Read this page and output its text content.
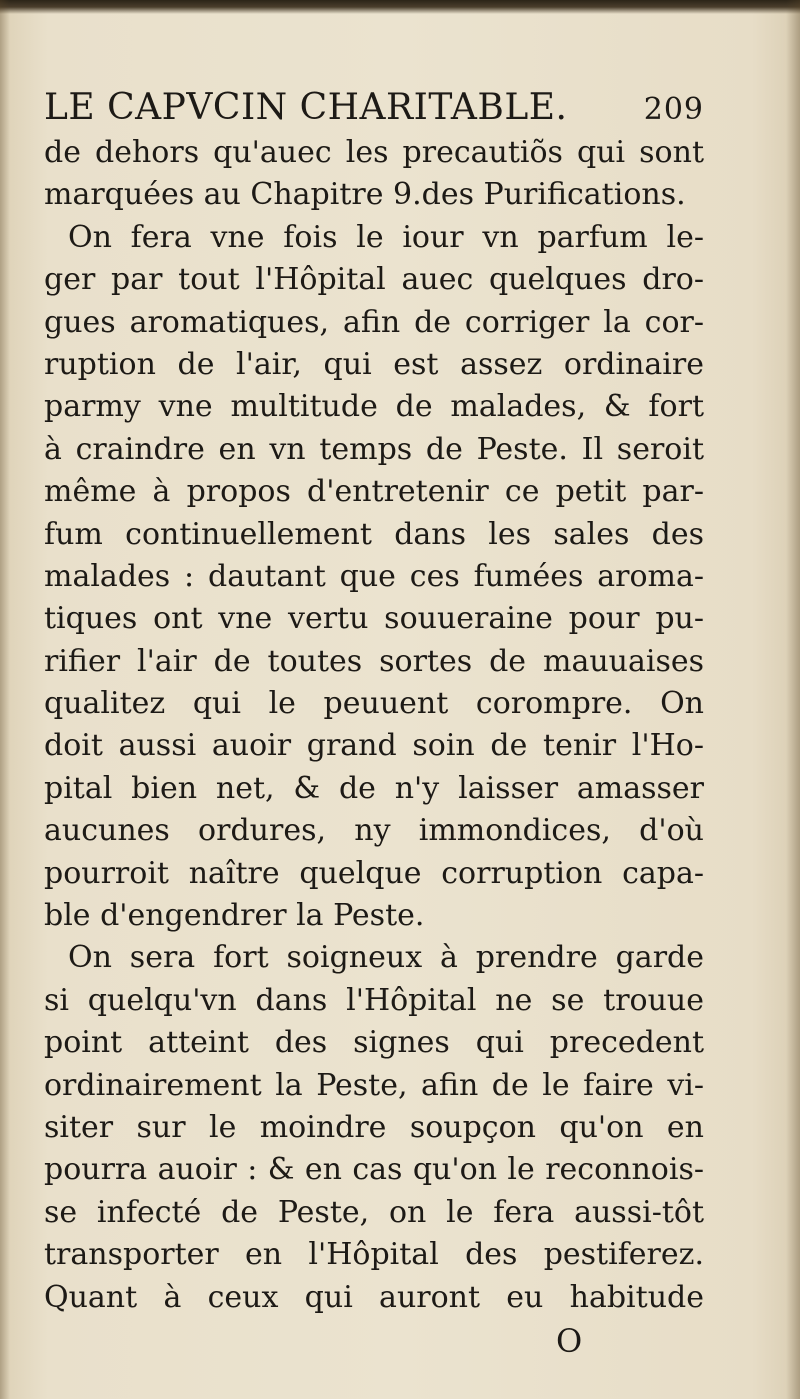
LE CAPVCIN CHARITABLE.	209
de dehors qu'auec les precautiõs qui sont
marquées au Chapitre 9.des Purifications.
On fera vne fois le iour vn parfum le-
ger par tout l'Hôpital auec quelques dro-
gues aromatiques, afin de corriger la cor-
ruption de l'air, qui est assez ordinaire
parmy vne multitude de malades, & fort
à craindre en vn temps de Peste. Il seroit
même à propos d'entretenir ce petit par-
fum continuellement dans les sales des
malades : dautant que ces fumées aroma-
tiques ont vne vertu souueraine pour pu-
rifier l'air de toutes sortes de mauuaises
qualitez qui le peuuent corompre. On
doit aussi auoir grand soin de tenir l'Ho-
pital bien net, & de n'y laisser amasser
aucunes ordures, ny immondices, d'où
pourroit naître quelque corruption capa-
ble d'engendrer la Peste.
On sera fort soigneux à prendre garde
si quelqu'vn dans l'Hôpital ne se trouue
point atteint des signes qui precedent
ordinairement la Peste, afin de le faire vi-
siter sur le moindre soupçon qu'on en
pourra auoir : & en cas qu'on le reconnois-
se infecté de Peste, on le fera aussi-tôt
transporter en l'Hôpital des pestiferez.
Quant à ceux qui auront eu habitude
O
